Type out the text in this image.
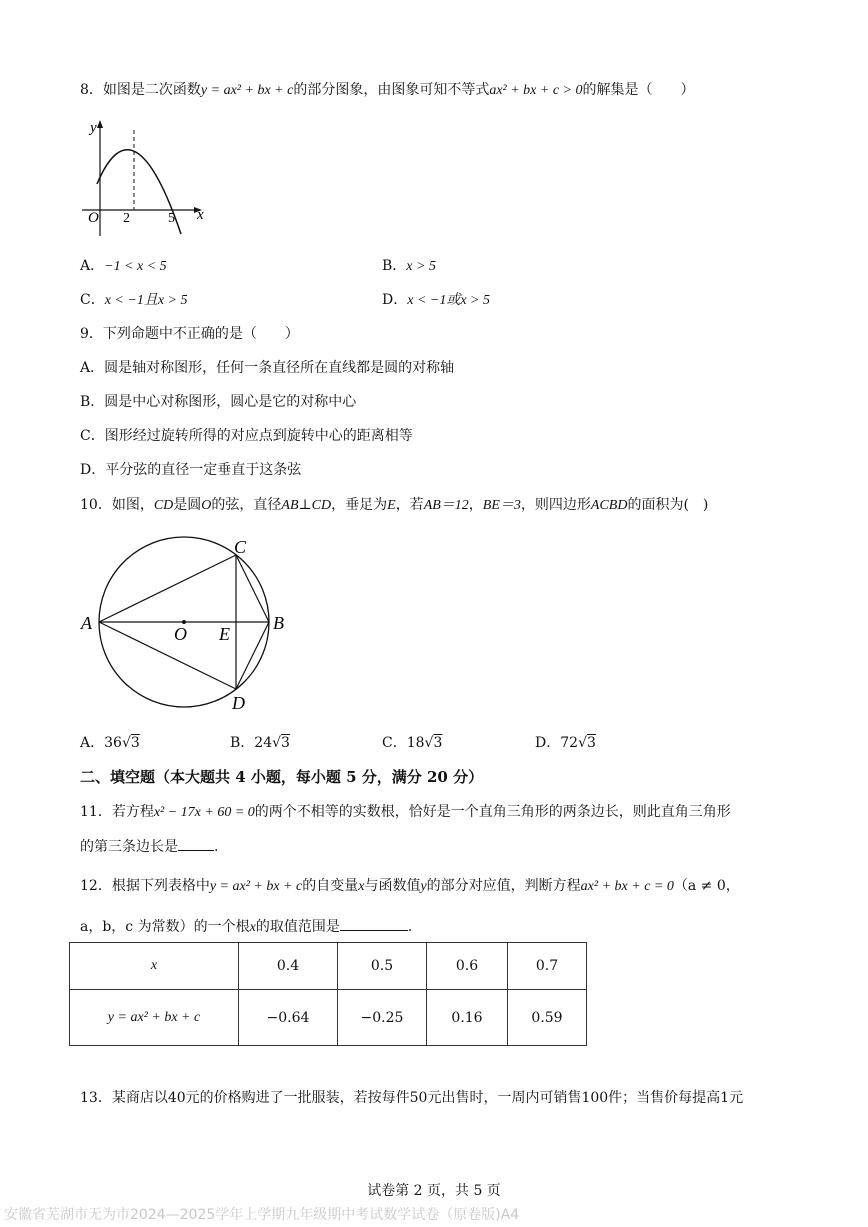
8．如图是二次函数y = ax² + bx + c的部分图象，由图象可知不等式ax² + bx + c > 0的解集是（　　）
y
x
O 2	5
A．−1 < x < 5	B．x > 5
C．x < −1且x > 5	D．x < −1或x > 5
9．下列命题中不正确的是（　　）
A．圆是轴对称图形，任何一条直径所在直线都是圆的对称轴
B．圆是中心对称图形，圆心是它的对称中心
C．图形经过旋转所得的对应点到旋转中心的距离相等
D．平分弦的直径一定垂直于这条弦
10．如图，CD是圆O的弦，直径AB⊥CD，垂足为E，若AB＝12，BE＝3，则四边形ACBD的面积为(　)
A	B
C
D
O E
A．36√3	B．24√3	C．18√3	D．72√3
二、填空题（本大题共 4 小题，每小题 5 分，满分 20 分）
11．若方程x² − 17x + 60 = 0的两个不相等的实数根，恰好是一个直角三角形的两条边长，则此直角三角形
的第三条边长是	.
12．根据下列表格中y = ax² + bx + c的自变量x与函数值y的部分对应值，判断方程ax² + bx + c = 0（a ≠ 0，
a，b，c 为常数）的一个根x的取值范围是	.
x	0.4	0.5	0.6	0.7
y = ax² + bx + c	−0.64	−0.25	0.16	0.59
13．某商店以40元的价格购进了一批服装，若按每件50元出售时，一周内可销售100件；当售价每提高1元
试卷第 2 页，共 5 页
安徽省芜湖市无为市2024—2025学年上学期九年级期中考试数学试卷（原卷版)A4
